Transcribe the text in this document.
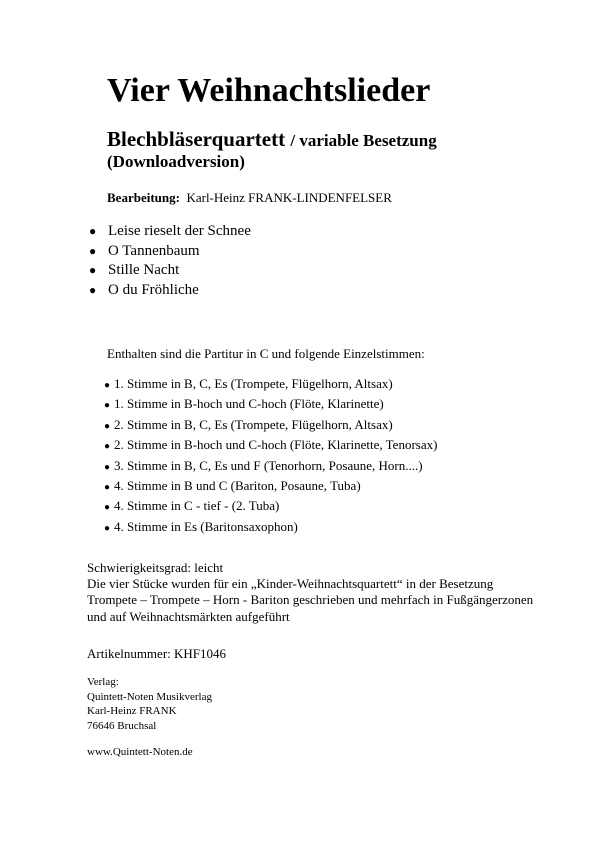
Vier Weihnachtslieder
Blechbläserquartett / variable Besetzung
(Downloadversion)
Bearbeitung: Karl-Heinz FRANK-LINDENFELSER
● Leise rieselt der Schnee
● O Tannenbaum
● Stille Nacht
● O du Fröhliche
Enthalten sind die Partitur in C und folgende Einzelstimmen:
● 1. Stimme in B, C, Es (Trompete, Flügelhorn, Altsax)
● 1. Stimme in B-hoch und C-hoch (Flöte, Klarinette)
● 2. Stimme in B, C, Es (Trompete, Flügelhorn, Altsax)
● 2. Stimme in B-hoch und C-hoch (Flöte, Klarinette, Tenorsax)
● 3. Stimme in B, C, Es und F (Tenorhorn, Posaune, Horn....)
● 4. Stimme in B und C (Bariton, Posaune, Tuba)
● 4. Stimme in C - tief - (2. Tuba)
● 4. Stimme in Es (Baritonsaxophon)
Schwierigkeitsgrad: leicht
Die vier Stücke wurden für ein „Kinder-Weihnachtsquartett“ in der Besetzung
Trompete – Trompete – Horn - Bariton geschrieben und mehrfach in Fußgängerzonen
und auf Weihnachtsmärkten aufgeführt
Artikelnummer: KHF1046
Verlag:
Quintett-Noten Musikverlag
Karl-Heinz FRANK
76646 Bruchsal
www.Quintett-Noten.de
